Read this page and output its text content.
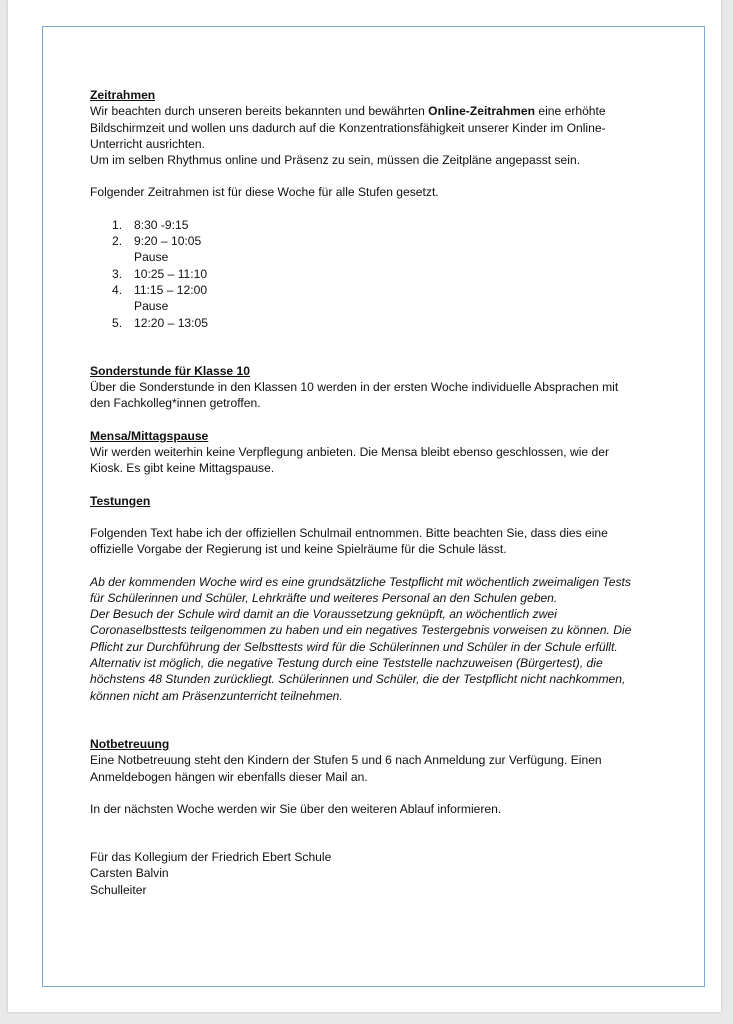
Zeitrahmen

Wir beachten durch unseren bereits bekannten und bewährten Online-Zeitrahmen eine erhöhte

Bildschirmzeit und wollen uns dadurch auf die Konzentrationsfähigkeit unserer Kinder im Online-

Unterricht ausrichten.

Um im selben Rhythmus online und Präsenz zu sein, müssen die Zeitpläne angepasst sein.

Folgender Zeitrahmen ist für diese Woche für alle Stufen gesetzt.

1. 8:30 -9:15
2. 9:20 – 10:05
Pause
3. 10:25 – 11:10
4. 11:15 – 12:00
Pause
5. 12:20 – 13:05

Sonderstunde für Klasse 10

Über die Sonderstunde in den Klassen 10 werden in der ersten Woche individuelle Absprachen mit

den Fachkolleg*innen getroffen.

Mensa/Mittagspause

Wir werden weiterhin keine Verpflegung anbieten. Die Mensa bleibt ebenso geschlossen, wie der

Kiosk. Es gibt keine Mittagspause.

Testungen

Folgenden Text habe ich der offiziellen Schulmail entnommen. Bitte beachten Sie, dass dies eine

offizielle Vorgabe der Regierung ist und keine Spielräume für die Schule lässt.

Ab der kommenden Woche wird es eine grundsätzliche Testpflicht mit wöchentlich zweimaligen Tests

für Schülerinnen und Schüler, Lehrkräfte und weiteres Personal an den Schulen geben.

Der Besuch der Schule wird damit an die Voraussetzung geknüpft, an wöchentlich zwei

Coronaselbsttests teilgenommen zu haben und ein negatives Testergebnis vorweisen zu können. Die

Pflicht zur Durchführung der Selbsttests wird für die Schülerinnen und Schüler in der Schule erfüllt.

Alternativ ist möglich, die negative Testung durch eine Teststelle nachzuweisen (Bürgertest), die

höchstens 48 Stunden zurückliegt. Schülerinnen und Schüler, die der Testpflicht nicht nachkommen,

können nicht am Präsenzunterricht teilnehmen.

Notbetreuung

Eine Notbetreuung steht den Kindern der Stufen 5 und 6 nach Anmeldung zur Verfügung. Einen

Anmeldebogen hängen wir ebenfalls dieser Mail an.

In der nächsten Woche werden wir Sie über den weiteren Ablauf informieren.

Für das Kollegium der Friedrich Ebert Schule

Carsten Balvin

Schulleiter
